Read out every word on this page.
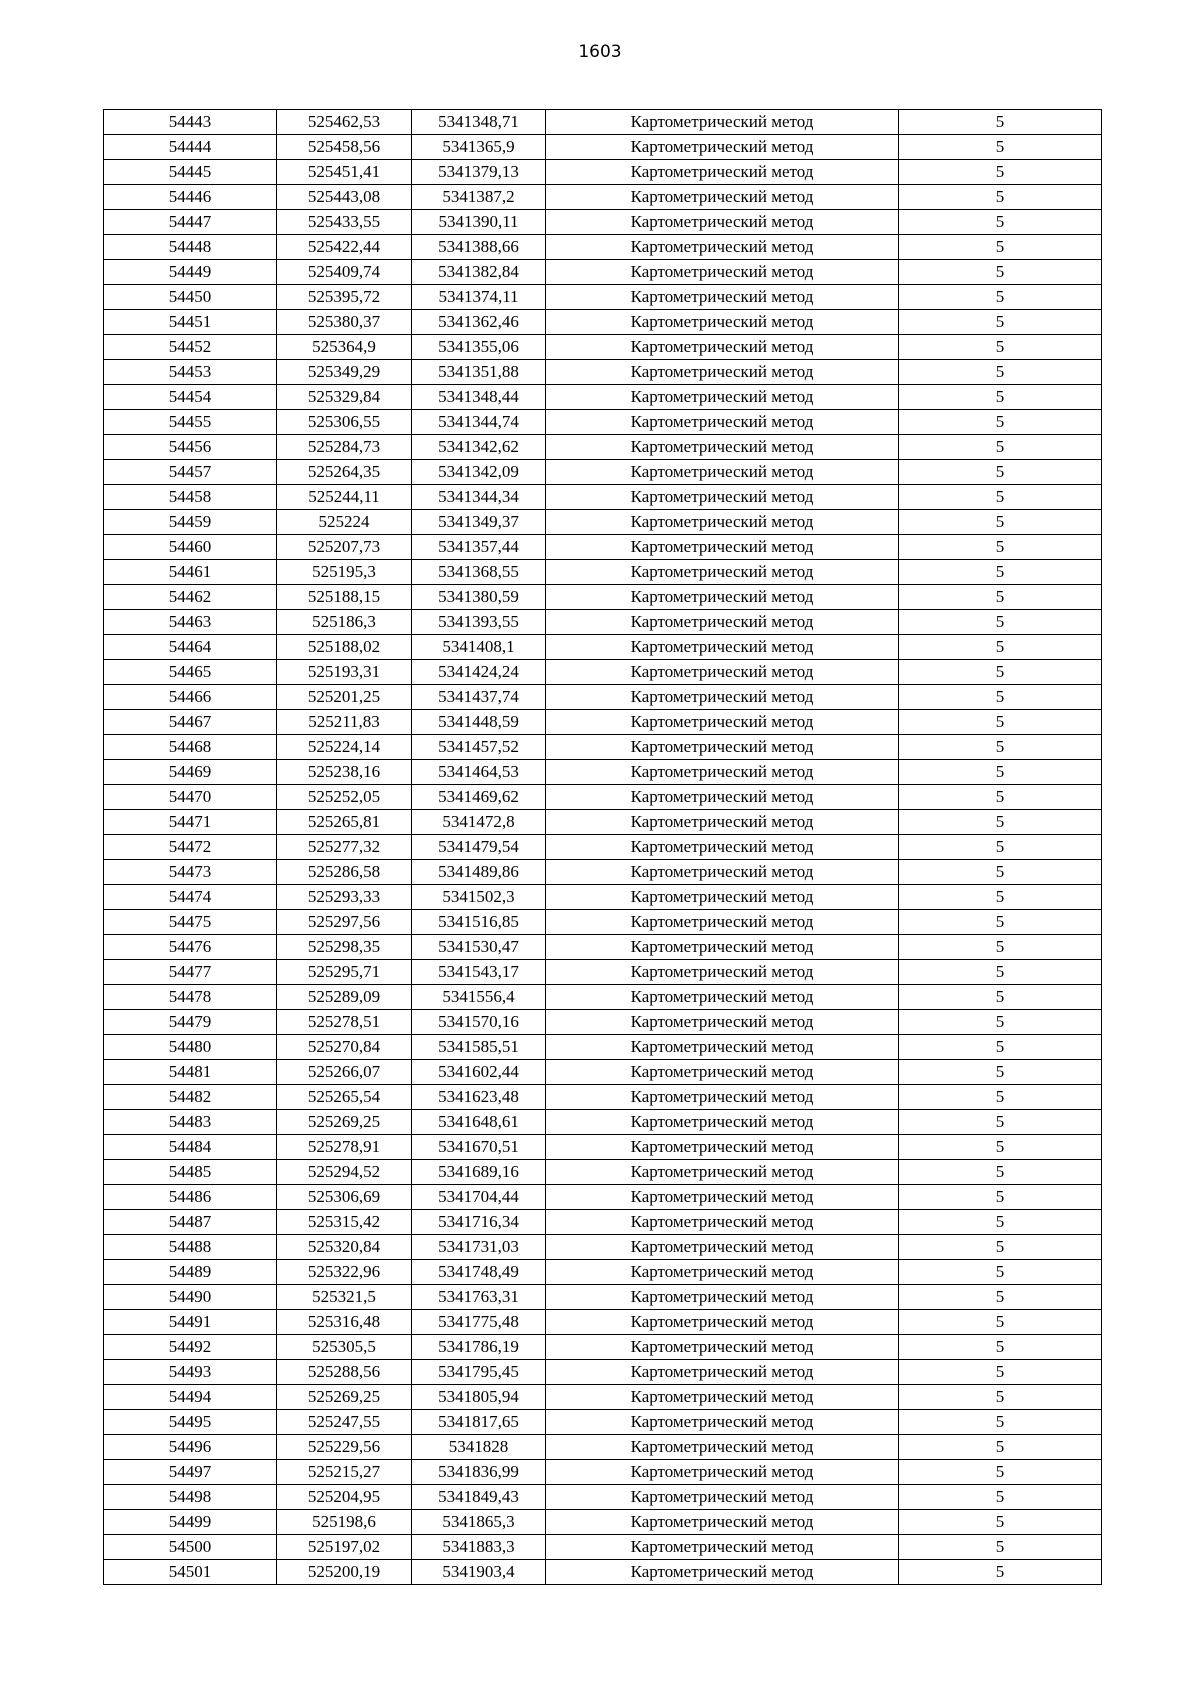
1603
54443	525462,53	5341348,71	Картометрический метод	5
54444	525458,56	5341365,9	Картометрический метод	5
54445	525451,41	5341379,13	Картометрический метод	5
54446	525443,08	5341387,2	Картометрический метод	5
54447	525433,55	5341390,11	Картометрический метод	5
54448	525422,44	5341388,66	Картометрический метод	5
54449	525409,74	5341382,84	Картометрический метод	5
54450	525395,72	5341374,11	Картометрический метод	5
54451	525380,37	5341362,46	Картометрический метод	5
54452	525364,9	5341355,06	Картометрический метод	5
54453	525349,29	5341351,88	Картометрический метод	5
54454	525329,84	5341348,44	Картометрический метод	5
54455	525306,55	5341344,74	Картометрический метод	5
54456	525284,73	5341342,62	Картометрический метод	5
54457	525264,35	5341342,09	Картометрический метод	5
54458	525244,11	5341344,34	Картометрический метод	5
54459	525224	5341349,37	Картометрический метод	5
54460	525207,73	5341357,44	Картометрический метод	5
54461	525195,3	5341368,55	Картометрический метод	5
54462	525188,15	5341380,59	Картометрический метод	5
54463	525186,3	5341393,55	Картометрический метод	5
54464	525188,02	5341408,1	Картометрический метод	5
54465	525193,31	5341424,24	Картометрический метод	5
54466	525201,25	5341437,74	Картометрический метод	5
54467	525211,83	5341448,59	Картометрический метод	5
54468	525224,14	5341457,52	Картометрический метод	5
54469	525238,16	5341464,53	Картометрический метод	5
54470	525252,05	5341469,62	Картометрический метод	5
54471	525265,81	5341472,8	Картометрический метод	5
54472	525277,32	5341479,54	Картометрический метод	5
54473	525286,58	5341489,86	Картометрический метод	5
54474	525293,33	5341502,3	Картометрический метод	5
54475	525297,56	5341516,85	Картометрический метод	5
54476	525298,35	5341530,47	Картометрический метод	5
54477	525295,71	5341543,17	Картометрический метод	5
54478	525289,09	5341556,4	Картометрический метод	5
54479	525278,51	5341570,16	Картометрический метод	5
54480	525270,84	5341585,51	Картометрический метод	5
54481	525266,07	5341602,44	Картометрический метод	5
54482	525265,54	5341623,48	Картометрический метод	5
54483	525269,25	5341648,61	Картометрический метод	5
54484	525278,91	5341670,51	Картометрический метод	5
54485	525294,52	5341689,16	Картометрический метод	5
54486	525306,69	5341704,44	Картометрический метод	5
54487	525315,42	5341716,34	Картометрический метод	5
54488	525320,84	5341731,03	Картометрический метод	5
54489	525322,96	5341748,49	Картометрический метод	5
54490	525321,5	5341763,31	Картометрический метод	5
54491	525316,48	5341775,48	Картометрический метод	5
54492	525305,5	5341786,19	Картометрический метод	5
54493	525288,56	5341795,45	Картометрический метод	5
54494	525269,25	5341805,94	Картометрический метод	5
54495	525247,55	5341817,65	Картометрический метод	5
54496	525229,56	5341828	Картометрический метод	5
54497	525215,27	5341836,99	Картометрический метод	5
54498	525204,95	5341849,43	Картометрический метод	5
54499	525198,6	5341865,3	Картометрический метод	5
54500	525197,02	5341883,3	Картометрический метод	5
54501	525200,19	5341903,4	Картометрический метод	5
